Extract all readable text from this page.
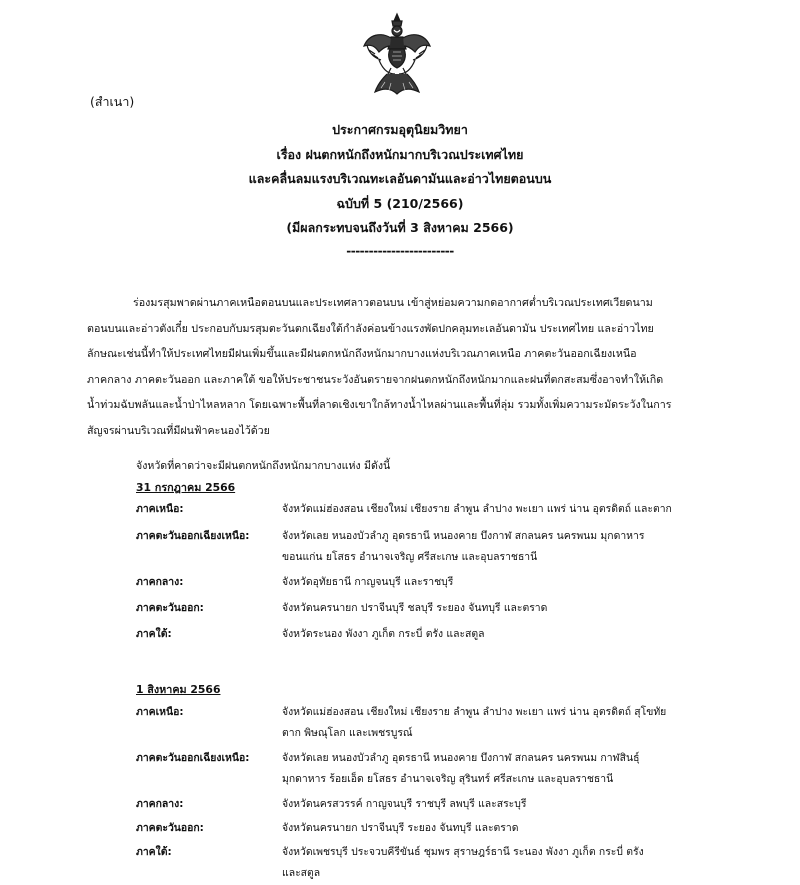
(สำเนา)
ประกาศกรมอุตุนิยมวิทยา
เรื่อง ฝนตกหนักถึงหนักมากบริเวณประเทศไทย
และคลื่นลมแรงบริเวณทะเลอันดามันและอ่าวไทยตอนบน
ฉบับที่ 5 (210/2566)
(มีผลกระทบจนถึงวันที่ 3 สิงหาคม 2566)
------------------------
ร่องมรสุมพาดผ่านภาคเหนือตอนบนและประเทศลาวตอนบน เข้าสู่หย่อมความกดอากาศต่ำบริเวณประเทศเวียดนาม
ตอนบนและอ่าวตังเกี๋ย ประกอบกับมรสุมตะวันตกเฉียงใต้กำลังค่อนข้างแรงพัดปกคลุมทะเลอันดามัน ประเทศไทย และอ่าวไทย
ลักษณะเช่นนี้ทำให้ประเทศไทยมีฝนเพิ่มขึ้นและมีฝนตกหนักถึงหนักมากบางแห่งบริเวณภาคเหนือ ภาคตะวันออกเฉียงเหนือ
ภาคกลาง ภาคตะวันออก และภาคใต้ ขอให้ประชาชนระวังอันตรายจากฝนตกหนักถึงหนักมากและฝนที่ตกสะสมซึ่งอาจทำให้เกิด
น้ำท่วมฉับพลันและน้ำป่าไหลหลาก โดยเฉพาะพื้นที่ลาดเชิงเขาใกล้ทางน้ำไหลผ่านและพื้นที่ลุ่ม รวมทั้งเพิ่มความระมัดระวังในการ
สัญจรผ่านบริเวณที่มีฝนฟ้าคะนองไว้ด้วย
จังหวัดที่คาดว่าจะมีฝนตกหนักถึงหนักมากบางแห่ง มีดังนี้
31 กรกฎาคม 2566
ภาคเหนือ:	จังหวัดแม่ฮ่องสอน เชียงใหม่ เชียงราย ลำพูน ลำปาง พะเยา แพร่ น่าน อุตรดิตถ์ และตาก
ภาคตะวันออกเฉียงเหนือ:	จังหวัดเลย หนองบัวลำภู อุดรธานี หนองคาย บึงกาฬ สกลนคร นครพนม มุกดาหาร
ขอนแก่น ยโสธร อำนาจเจริญ ศรีสะเกษ และอุบลราชธานี
ภาคกลาง:	จังหวัดอุทัยธานี กาญจนบุรี และราชบุรี
ภาคตะวันออก:	จังหวัดนครนายก ปราจีนบุรี ชลบุรี ระยอง จันทบุรี และตราด
ภาคใต้:	จังหวัดระนอง พังงา ภูเก็ต กระบี่ ตรัง และสตูล
1 สิงหาคม 2566
ภาคเหนือ:	จังหวัดแม่ฮ่องสอน เชียงใหม่ เชียงราย ลำพูน ลำปาง พะเยา แพร่ น่าน อุตรดิตถ์ สุโขทัย
ตาก พิษณุโลก และเพชรบูรณ์
ภาคตะวันออกเฉียงเหนือ:	จังหวัดเลย หนองบัวลำภู อุดรธานี หนองคาย บึงกาฬ สกลนคร นครพนม กาฬสินธุ์
มุกดาหาร ร้อยเอ็ด ยโสธร อำนาจเจริญ สุรินทร์ ศรีสะเกษ และอุบลราชธานี
ภาคกลาง:	จังหวัดนครสวรรค์ กาญจนบุรี ราชบุรี ลพบุรี และสระบุรี
ภาคตะวันออก:	จังหวัดนครนายก ปราจีนบุรี ระยอง จันทบุรี และตราด
ภาคใต้:	จังหวัดเพชรบุรี ประจวบคีรีขันธ์ ชุมพร สุราษฎร์ธานี ระนอง พังงา ภูเก็ต กระบี่ ตรัง
และสตูล
